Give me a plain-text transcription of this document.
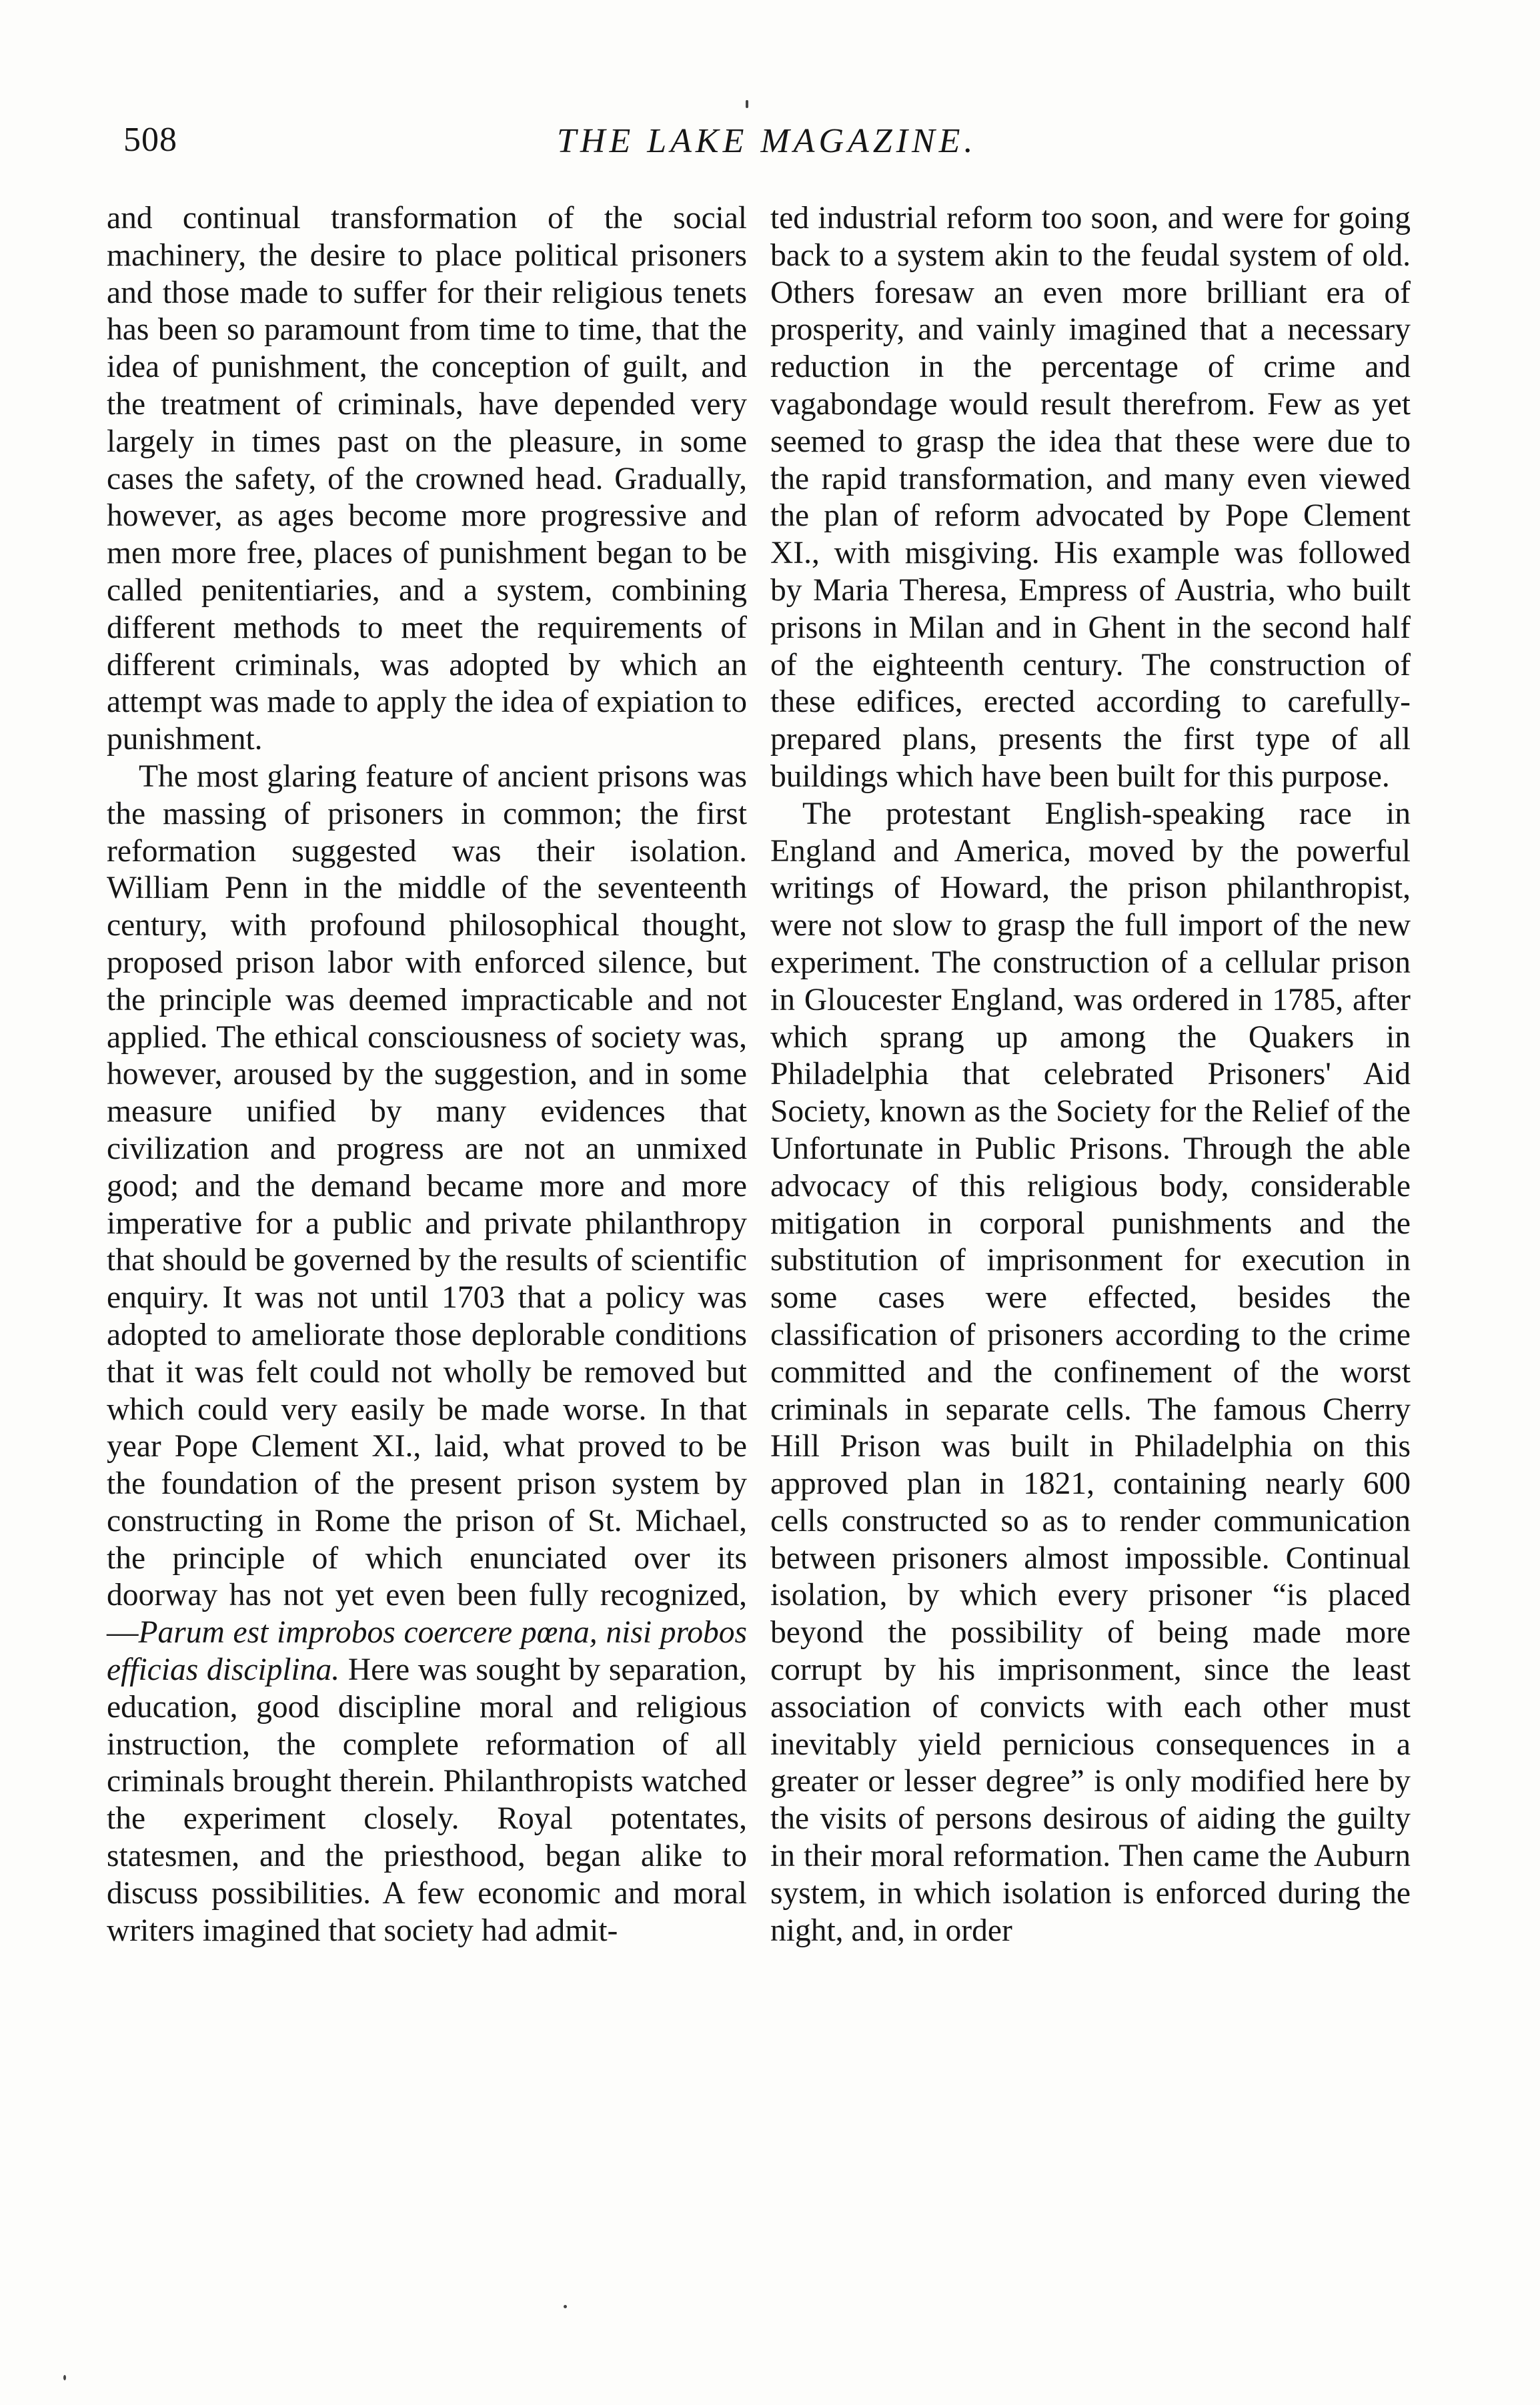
508	THE LAKE MAGAZINE.

and continual transformation of the social machinery, the desire to place political prisoners and those made to suffer for their religious tenets has been so paramount from time to time, that the idea of punishment, the conception of guilt, and the treatment of criminals, have depended very largely in times past on the pleasure, in some cases the safety, of the crowned head. Gradually, however, as ages become more progressive and men more free, places of punishment began to be called penitentiaries, and a system, combining different methods to meet the requirements of different criminals, was adopted by which an attempt was made to apply the idea of expiation to punishment.

The most glaring feature of ancient prisons was the massing of prisoners in common; the first reformation suggested was their isolation. William Penn in the middle of the seventeenth century, with profound philosophical thought, proposed prison labor with enforced silence, but the principle was deemed impracticable and not applied. The ethical consciousness of society was, however, aroused by the suggestion, and in some measure unified by many evidences that civilization and progress are not an unmixed good; and the demand became more and more imperative for a public and private philanthropy that should be governed by the results of scientific enquiry. It was not until 1703 that a policy was adopted to ameliorate those deplorable conditions that it was felt could not wholly be removed but which could very easily be made worse. In that year Pope Clement XI., laid, what proved to be the foundation of the present prison system by constructing in Rome the prison of St. Michael, the principle of which enunciated over its doorway has not yet even been fully recognized,—Parum est improbos coercere pœna, nisi probos efficias disciplina. Here was sought by separation, education, good discipline moral and religious instruction, the complete reformation of all criminals brought therein. Philanthropists watched the experiment closely. Royal potentates, statesmen, and the priesthood, began alike to discuss possibilities. A few economic and moral writers imagined that society had admit-

ted industrial reform too soon, and were for going back to a system akin to the feudal system of old. Others foresaw an even more brilliant era of prosperity, and vainly imagined that a necessary reduction in the percentage of crime and vagabondage would result therefrom. Few as yet seemed to grasp the idea that these were due to the rapid transformation, and many even viewed the plan of reform advocated by Pope Clement XI., with misgiving. His example was followed by Maria Theresa, Empress of Austria, who built prisons in Milan and in Ghent in the second half of the eighteenth century. The construction of these edifices, erected according to carefully-prepared plans, presents the first type of all buildings which have been built for this purpose.

The protestant English-speaking race in England and America, moved by the powerful writings of Howard, the prison philanthropist, were not slow to grasp the full import of the new experiment. The construction of a cellular prison in Gloucester England, was ordered in 1785, after which sprang up among the Quakers in Philadelphia that celebrated Prisoners' Aid Society, known as the Society for the Relief of the Unfortunate in Public Prisons. Through the able advocacy of this religious body, considerable mitigation in corporal punishments and the substitution of imprisonment for execution in some cases were effected, besides the classification of prisoners according to the crime committed and the confinement of the worst criminals in separate cells. The famous Cherry Hill Prison was built in Philadelphia on this approved plan in 1821, containing nearly 600 cells constructed so as to render communication between prisoners almost impossible. Continual isolation, by which every prisoner “is placed beyond the possibility of being made more corrupt by his imprisonment, since the least association of convicts with each other must inevitably yield pernicious consequences in a greater or lesser degree” is only modified here by the visits of persons desirous of aiding the guilty in their moral reformation. Then came the Auburn system, in which isolation is enforced during the night, and, in order
